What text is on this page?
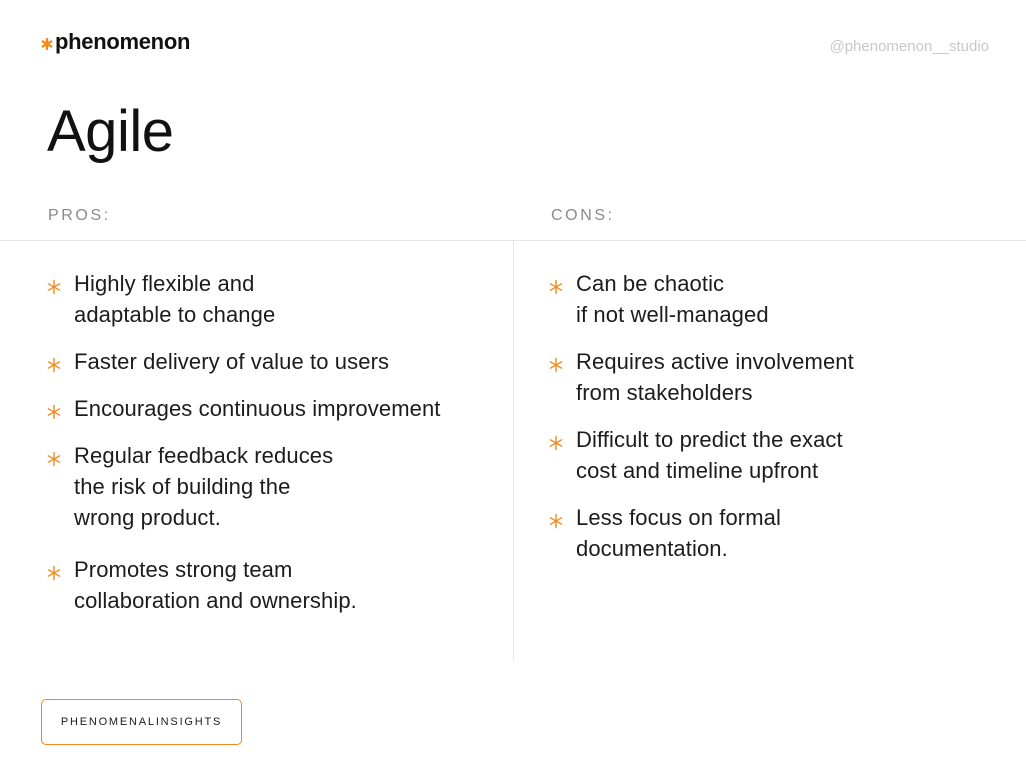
phenomenon	@phenomenon__studio
Agile
PROS:	CONS:
Highly flexible and
adaptable to change
Faster delivery of value to users
Encourages continuous improvement
Regular feedback reduces
the risk of building the
wrong product.
Promotes strong team
collaboration and ownership.
Can be chaotic
if not well-managed
Requires active involvement
from stakeholders
Difficult to predict the exact
cost and timeline upfront
Less focus on formal
documentation.
PHENOMENALINSIGHTS
